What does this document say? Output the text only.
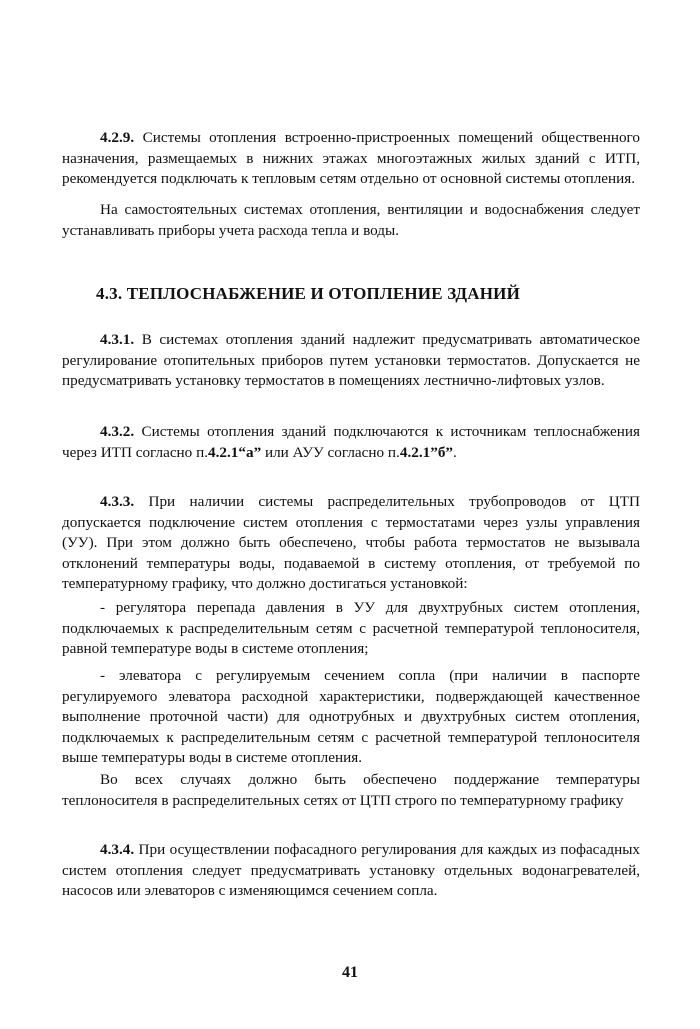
4.2.9. Системы отопления встроенно-пристроенных помещений общественного назначения, размещаемых в нижних этажах многоэтажных жилых зданий с ИТП, рекомендуется подключать к тепловым сетям отдельно от основной системы отопления.

На самостоятельных системах отопления, вентиляции и водоснабжения следует устанавливать приборы учета расхода тепла и воды.

4.3. ТЕПЛОСНАБЖЕНИЕ И ОТОПЛЕНИЕ ЗДАНИЙ

4.3.1. В системах отопления зданий надлежит предусматривать автоматическое регулирование отопительных приборов путем установки термостатов. Допускается не предусматривать установку термостатов в помещениях лестнично-лифтовых узлов.

4.3.2. Системы отопления зданий подключаются к источникам теплоснабжения через ИТП согласно п.4.2.1“а” или АУУ согласно п.4.2.1”б”.

4.3.3. При наличии системы распределительных трубопроводов от ЦТП допускается подключение систем отопления с термостатами через узлы управления (УУ). При этом должно быть обеспечено, чтобы работа термостатов не вызывала отклонений температуры воды, подаваемой в систему отопления, от требуемой по температурному графику, что должно достигаться установкой:

- регулятора перепада давления в УУ для двухтрубных систем отопления, подключаемых к распределительным сетям с расчетной температурой теплоносителя, равной температуре воды в системе отопления;

- элеватора с регулируемым сечением сопла (при наличии в паспорте регулируемого элеватора расходной характеристики, подверждающей качественное выполнение проточной части) для однотрубных и двухтрубных систем отопления, подключаемых к распределительным сетям с расчетной температурой теплоносителя выше температуры воды в системе отопления.

Во всех случаях должно быть обеспечено поддержание температуры теплоносителя в распределительных сетях от ЦТП строго по температурному графику

4.3.4. При осуществлении пофасадного регулирования для каждых из пофасадных систем отопления следует предусматривать установку отдельных водонагревателей, насосов или элеваторов с изменяющимся сечением сопла.

41
